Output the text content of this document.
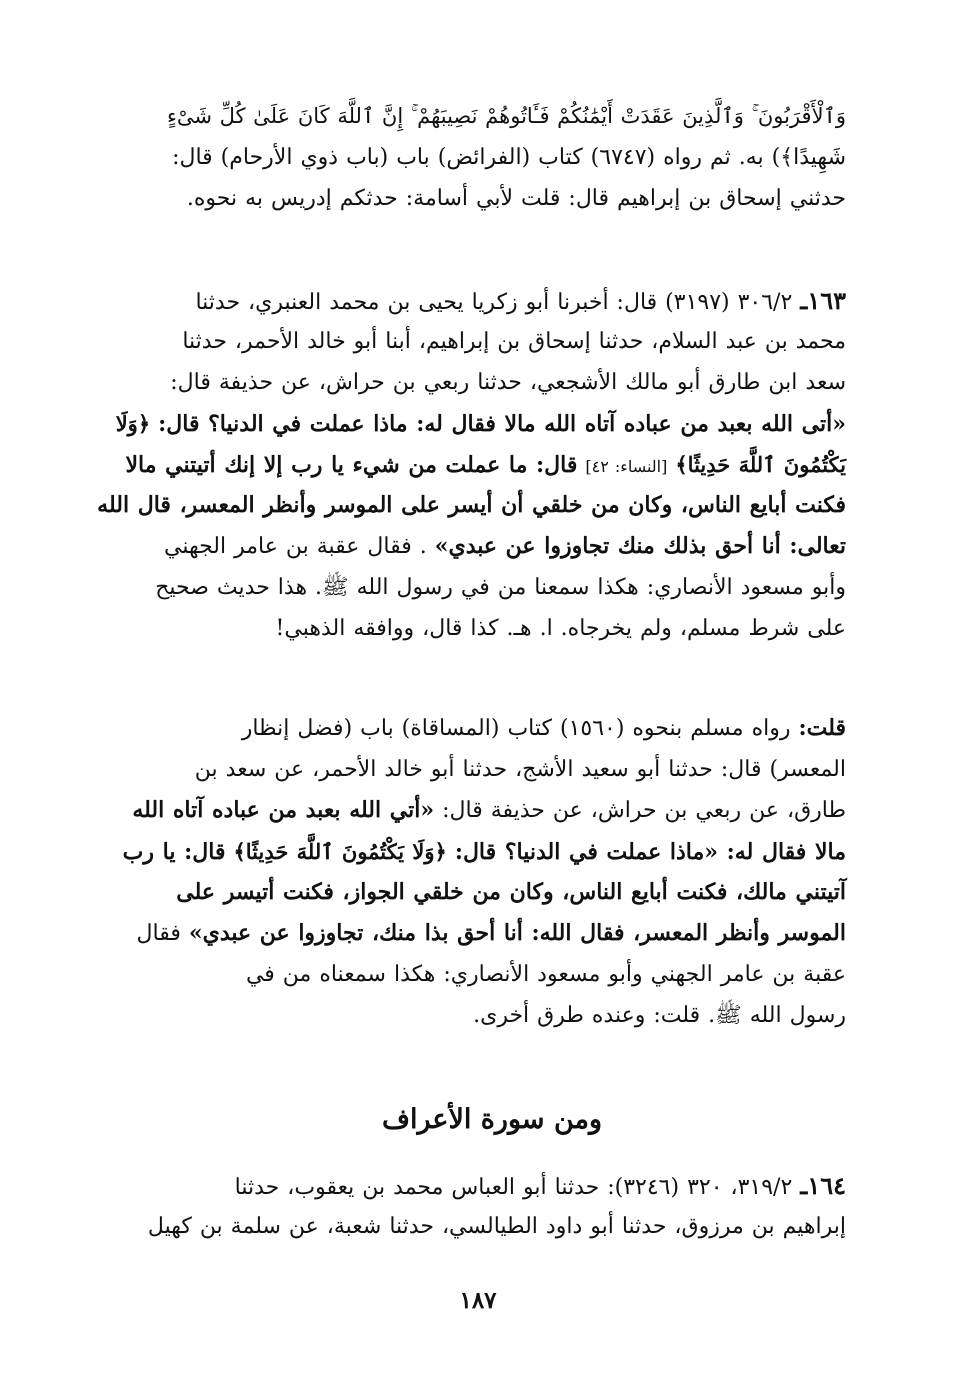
وَٱلْأَقْرَبُونَ ۚ وَٱلَّذِينَ عَقَدَتْ أَيْمَٰنُكُمْ فَـَٔاتُوهُمْ نَصِيبَهُمْ ۚ إِنَّ ٱللَّهَ كَانَ عَلَىٰ كُلِّ شَىْءٍ
شَهِيدًا﴾) به. ثم رواه (٦٧٤٧) كتاب (الفرائض) باب (باب ذوي الأرحام) قال:
حدثني إسحاق بن إبراهيم قال: قلت لأبي أسامة: حدثكم إدريس به نحوه.
١٦٣ـ ٣٠٦/٢ (٣١٩٧) قال: أخبرنا أبو زكريا يحيى بن محمد العنبري، حدثنا
محمد بن عبد السلام، حدثنا إسحاق بن إبراهيم، أبنا أبو خالد الأحمر، حدثنا
سعد ابن طارق أبو مالك الأشجعي، حدثنا ربعي بن حراش، عن حذيفة قال:
«أتى الله بعبد من عباده آتاه الله مالا فقال له: ماذا عملت في الدنيا؟ قال: ﴿وَلَا
يَكْتُمُونَ ٱللَّهَ حَدِيثًا﴾ [النساء: ٤٢] قال: ما عملت من شيء يا رب إلا إنك أتيتني مالا
فكنت أبايع الناس، وكان من خلقي أن أيسر على الموسر وأنظر المعسر، قال الله
تعالى: أنا أحق بذلك منك تجاوزوا عن عبدي» . فقال عقبة بن عامر الجهني
وأبو مسعود الأنصاري: هكذا سمعنا من في رسول الله ﷺ. هذا حديث صحيح
على شرط مسلم، ولم يخرجاه. ا. هـ. كذا قال، ووافقه الذهبي!
قلت: رواه مسلم بنحوه (١٥٦٠) كتاب (المساقاة) باب (فضل إنظار
المعسر) قال: حدثنا أبو سعيد الأشج، حدثنا أبو خالد الأحمر، عن سعد بن
طارق، عن ربعي بن حراش، عن حذيفة قال: «أتي الله بعبد من عباده آتاه الله
مالا فقال له: «ماذا عملت في الدنيا؟ قال: ﴿وَلَا يَكْتُمُونَ ٱللَّهَ حَدِيثًا﴾ قال: يا رب
آتيتني مالك، فكنت أبايع الناس، وكان من خلقي الجواز، فكنت أتيسر على
الموسر وأنظر المعسر، فقال الله: أنا أحق بذا منك، تجاوزوا عن عبدي» فقال
عقبة بن عامر الجهني وأبو مسعود الأنصاري: هكذا سمعناه من في
رسول الله ﷺ. قلت: وعنده طرق أخرى.
ومن سورة الأعراف
١٦٤ـ ٣١٩/٢، ٣٢٠ (٣٢٤٦): حدثنا أبو العباس محمد بن يعقوب، حدثنا
إبراهيم بن مرزوق، حدثنا أبو داود الطيالسي، حدثنا شعبة، عن سلمة بن كهيل
١٨٧
